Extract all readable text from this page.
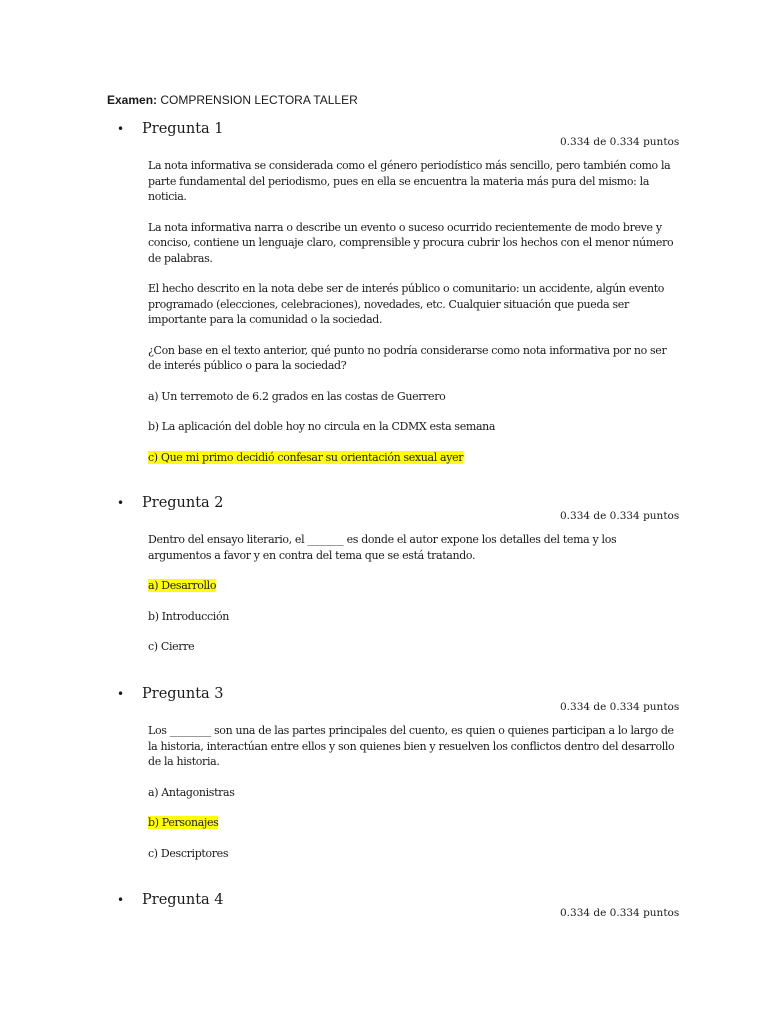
Examen: COMPRENSION LECTORA TALLER
• Pregunta 1
0.334 de 0.334 puntos

La nota informativa se considerada como el género periodístico más sencillo, pero también como la parte fundamental del periodismo, pues en ella se encuentra la materia más pura del mismo: la noticia.

La nota informativa narra o describe un evento o suceso ocurrido recientemente de modo breve y conciso, contiene un lenguaje claro, comprensible y procura cubrir los hechos con el menor número de palabras.

El hecho descrito en la nota debe ser de interés público o comunitario: un accidente, algún evento programado (elecciones, celebraciones), novedades, etc. Cualquier situación que pueda ser importante para la comunidad o la sociedad.

¿Con base en el texto anterior, qué punto no podría considerarse como nota informativa por no ser de interés público o para la sociedad?

a) Un terremoto de 6.2 grados en las costas de Guerrero

b) La aplicación del doble hoy no circula en la CDMX esta semana

c) Que mi primo decidió confesar su orientación sexual ayer

• Pregunta 2
0.334 de 0.334 puntos

Dentro del ensayo literario, el _______ es donde el autor expone los detalles del tema y los argumentos a favor y en contra del tema que se está tratando.

a) Desarrollo

b) Introducción

c) Cierre

• Pregunta 3
0.334 de 0.334 puntos

Los ________ son una de las partes principales del cuento, es quien o quienes participan a lo largo de la historia, interactúan entre ellos y son quienes bien y resuelven los conflictos dentro del desarrollo de la historia.

a) Antagonistras

b) Personajes

c) Descriptores

• Pregunta 4
0.334 de 0.334 puntos
